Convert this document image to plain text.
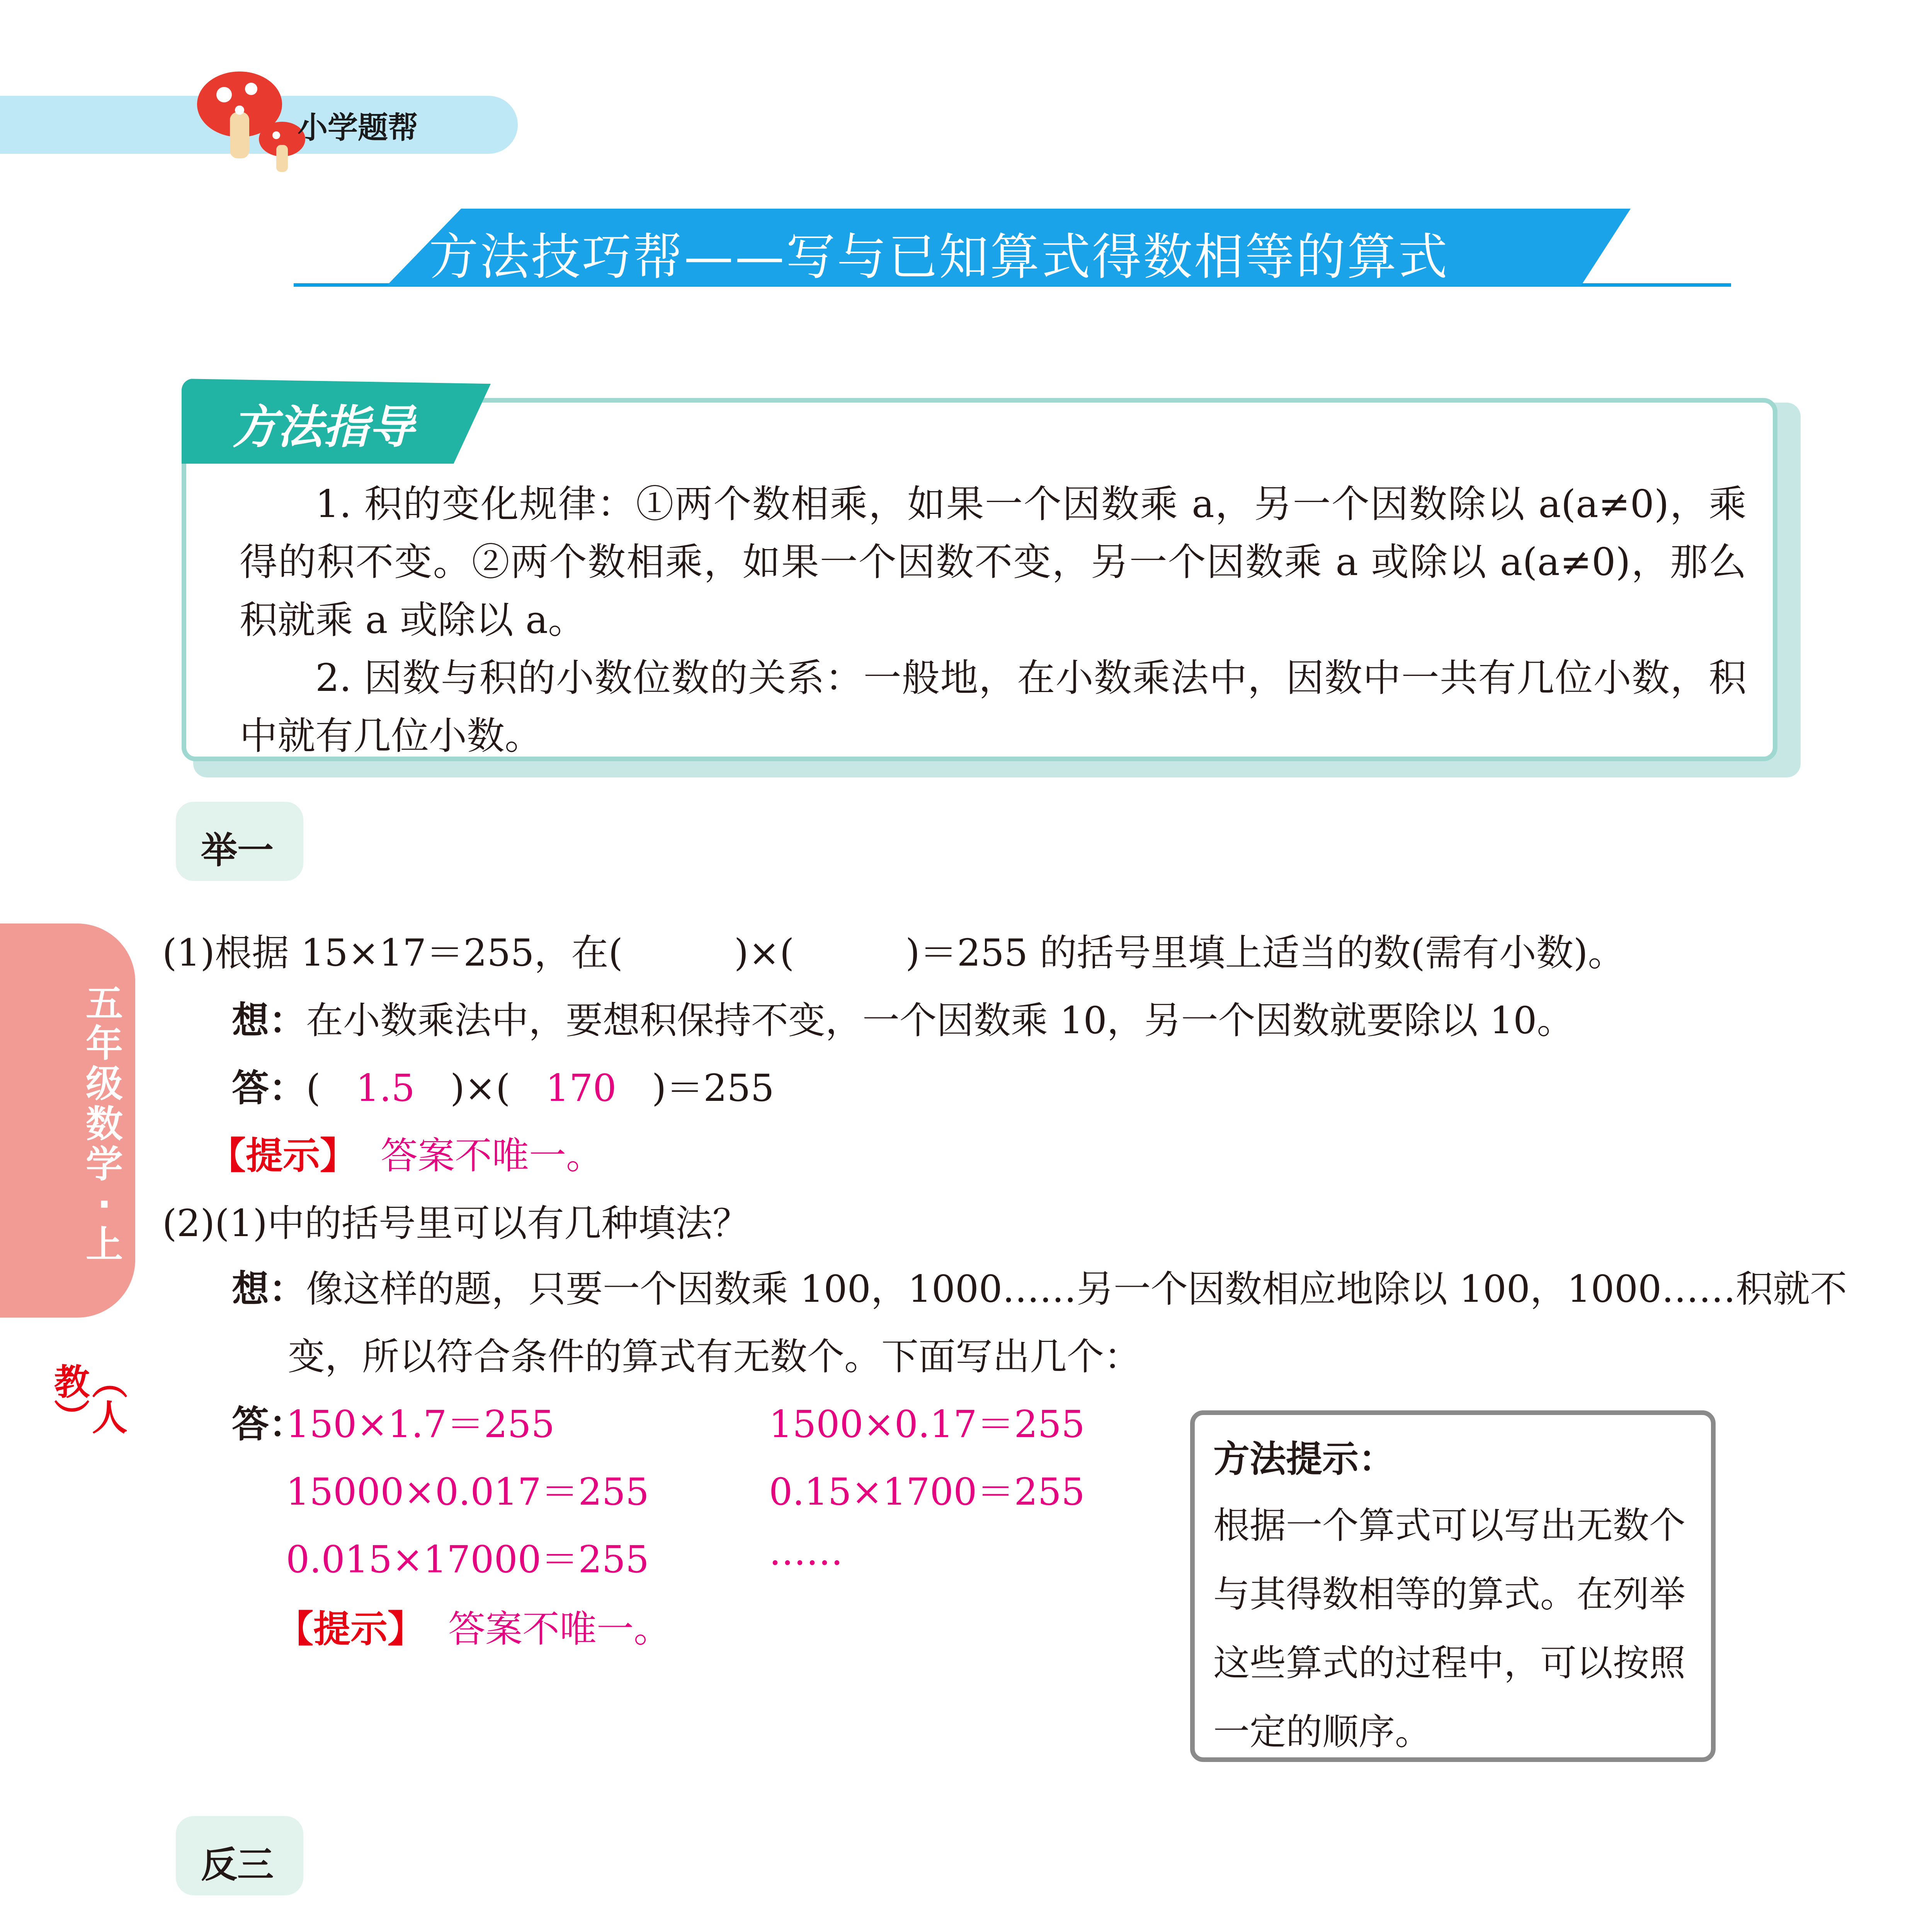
小学题帮
方法技巧帮——写与已知算式得数相等的算式
方法指导
1. 积的变化规律：①两个数相乘，如果一个因数乘 a，另一个因数除以 a(a≠0)，乘得的积不变。②两个数相乘，如果一个因数不变，另一个因数乘 a 或除以 a(a≠0)，那么积就乘 a 或除以 a。
2. 因数与积的小数位数的关系：一般地，在小数乘法中，因数中一共有几位小数，积中就有几位小数。
五年级数学·上
（人教）
举一
(1)根据 15×17＝255，在(　　　)×(　　　)＝255 的括号里填上适当的数(需有小数)。
想：在小数乘法中，要想积保持不变，一个因数乘 10，另一个因数就要除以 10。
答：(   1.5   )×(   170   )＝255
【提示】 答案不唯一。
(2)(1)中的括号里可以有几种填法？
想：像这样的题，只要一个因数乘 100，1000……另一个因数相应地除以 100，1000……积就不
变，所以符合条件的算式有无数个。下面写出几个：
答：
150×1.7＝255	1500×0.17＝255
15000×0.017＝255	0.15×1700＝255
0.015×17000＝255	……
【提示】 答案不唯一。
方法提示：
根据一个算式可以写出无数个与其得数相等的算式。在列举这些算式的过程中，可以按照一定的顺序。
反三
